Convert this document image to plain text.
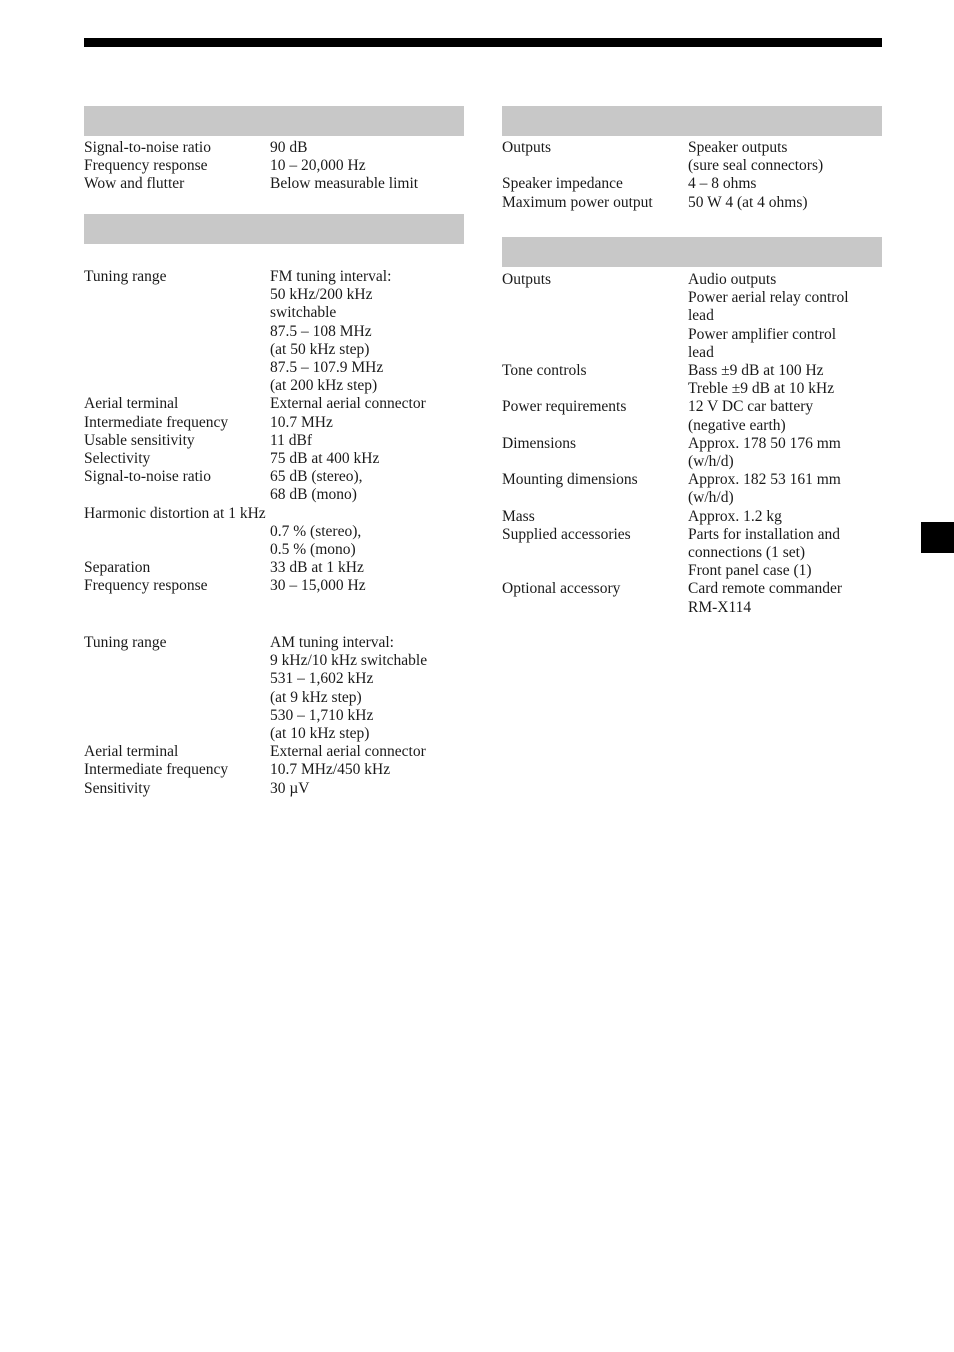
Signal-to-noise ratio	90 dB
Frequency response	10 – 20,000 Hz
Wow and flutter	Below measurable limit
Tuning range	FM tuning interval:
50 kHz/200 kHz
switchable
87.5 – 108 MHz
(at 50 kHz step)
87.5 – 107.9 MHz
(at 200 kHz step)
Aerial terminal	External aerial connector
Intermediate frequency	10.7 MHz
Usable sensitivity	11 dBf
Selectivity	75 dB at 400 kHz
Signal-to-noise ratio	65 dB (stereo),
68 dB (mono)
Harmonic distortion at 1 kHz

0.7 % (stereo),
0.5 % (mono)
Separation	33 dB at 1 kHz
Frequency response	30 – 15,000 Hz
Tuning range	AM tuning interval:
9 kHz/10 kHz switchable
531 – 1,602 kHz
(at 9 kHz step)
530 – 1,710 kHz
(at 10 kHz step)
Aerial terminal	External aerial connector
Intermediate frequency	10.7 MHz/450 kHz
Sensitivity	30 µV
Outputs	Speaker outputs
(sure seal connectors)
Speaker impedance	4 – 8 ohms
Maximum power output	50 W 4 (at 4 ohms)
Outputs	Audio outputs
Power aerial relay control
lead
Power amplifier control
lead
Tone controls	Bass ±9 dB at 100 Hz
Treble ±9 dB at 10 kHz
Power requirements	12 V DC car battery
(negative earth)
Dimensions	Approx. 178 50 176 mm
(w/h/d)
Mounting dimensions	Approx. 182 53 161 mm
(w/h/d)
Mass	Approx. 1.2 kg
Supplied accessories	Parts for installation and
connections (1 set)
Front panel case (1)
Optional accessory	Card remote commander
RM-X114
